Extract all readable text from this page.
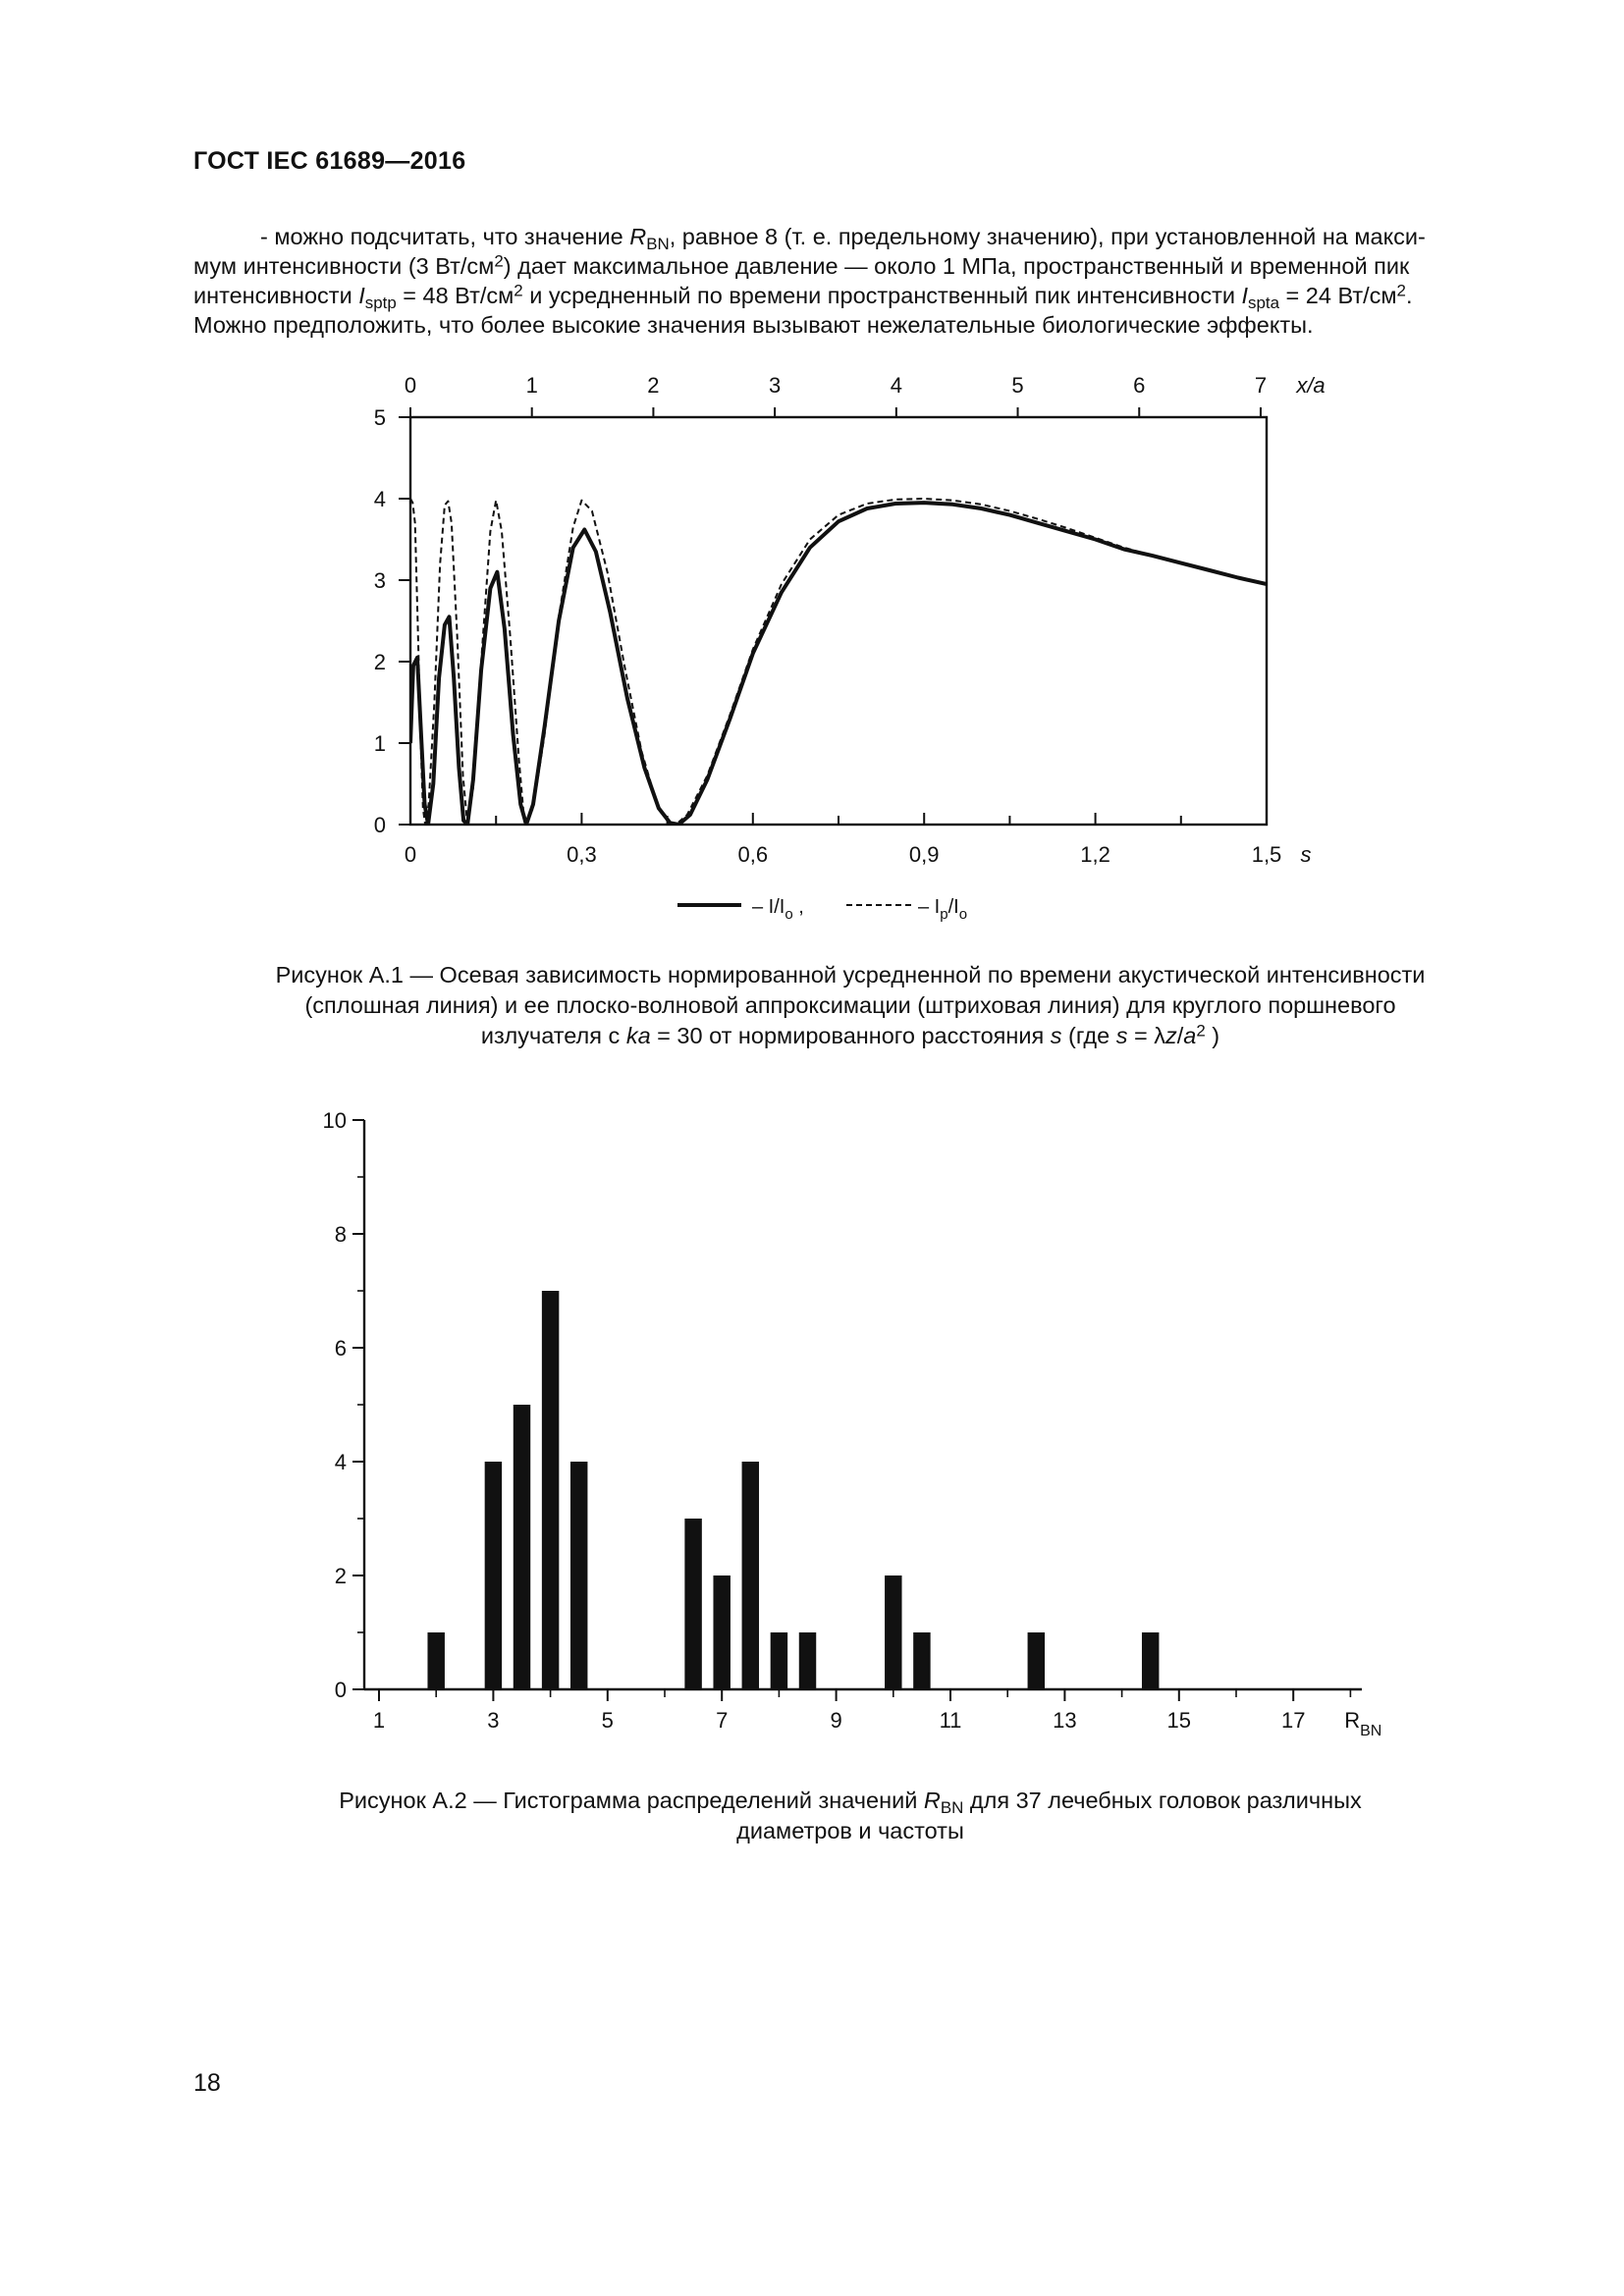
ГОСТ IEC 61689—2016
- можно подсчитать, что значение $R_{BN}$, равное 8 (т. е. предельному значению), при установленной на макси-
мум интенсивности (3 $Вт/см^2$) дает максимальное давление — около 1 МПа, пространственный и временной пик
интенсивности $I_{sptp} = 48$ $Вт/см^2$ и усредненный по времени пространственный пик интенсивности $I_{spta} = 24$ $Вт/см^2$.
Можно предположить, что более высокие значения вызывают нежелательные биологические эффекты.
0	0,3	0,6	0,9	1,2	1,5 s
0	1	2	3	4	5	6	7 x/a
0
1
2
3
4
5
– $I/I_o$ ,	– $I_p/I_o$
Рисунок А.1 — Осевая зависимость нормированной усредненной по времени акустической интенсивности
(сплошная линия) и ее плоско-волновой аппроксимации (штриховая линия) для круглого поршневого
излучателя с ka = 30 от нормированного расстояния s (где $s = \lambda z/a^2$ )
0
2
4
6
8
10
1	3	5	7	9	11	13	15	17 $R_{BN}$
Рисунок А.2 — Гистограмма распределений значений $R_{BN}$ для 37 лечебных головок различных
диаметров и частоты
18
